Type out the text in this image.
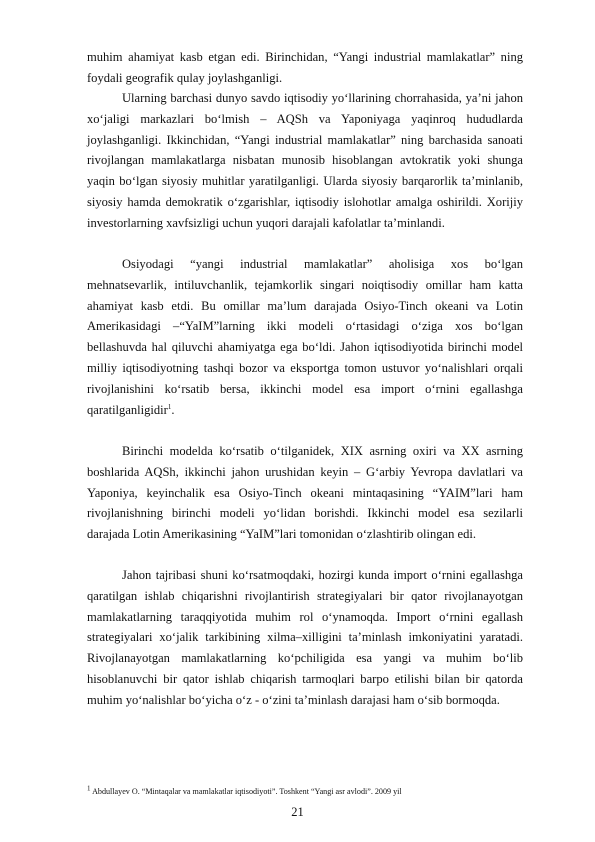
muhim ahamiyat kasb etgan edi. Birinchidan, “Yangi industrial mamlakatlar” ning
foydali geografik qulay joylashganligi.
Ularning barchasi dunyo savdo iqtisodiy yo‘llarining chorrahasida, ya’ni jahon
xo‘jaligi markazlari bo‘lmish – AQSh va Yaponiyaga yaqinroq hududlarda
joylashganligi. Ikkinchidan, “Yangi industrial mamlakatlar” ning barchasida sanoati
rivojlangan mamlakatlarga nisbatan munosib hisoblangan avtokratik yoki shunga
yaqin bo‘lgan siyosiy muhitlar yaratilganligi. Ularda siyosiy barqarorlik ta’minlanib,
siyosiy hamda demokratik o‘zgarishlar, iqtisodiy islohotlar amalga oshirildi. Xorijiy
investorlarning xavfsizligi uchun yuqori darajali kafolatlar ta’minlandi.
Osiyodagi “yangi industrial mamlakatlar” aholisiga xos bo‘lgan
mehnatsevarlik, intiluvchanlik, tejamkorlik singari noiqtisodiy omillar ham katta
ahamiyat kasb etdi. Bu omillar ma’lum darajada Osiyo-Tinch okeani va Lotin
Amerikasidagi –“YaIM”larning ikki modeli o‘rtasidagi o‘ziga xos bo‘lgan
bellashuvda hal qiluvchi ahamiyatga ega bo‘ldi. Jahon iqtisodiyotida birinchi model
milliy iqtisodiyotning tashqi bozor va eksportga tomon ustuvor yo‘nalishlari orqali
rivojlanishini ko‘rsatib bersa, ikkinchi model esa import o‘rnini egallashga
qaratilganligidir$^1$.
Birinchi modelda ko‘rsatib o‘tilganidek, XIX asrning oxiri va XX asrning
boshlarida AQSh, ikkinchi jahon urushidan keyin – G‘arbiy Yevropa davlatlari va
Yaponiya, keyinchalik esa Osiyo-Tinch okeani mintaqasining “YAIM”lari ham
rivojlanishning birinchi modeli yo‘lidan borishdi. Ikkinchi model esa sezilarli
darajada Lotin Amerikasining “YaIM”lari tomonidan o‘zlashtirib olingan edi.
Jahon tajribasi shuni ko‘rsatmoqdaki, hozirgi kunda import o‘rnini egallashga
qaratilgan ishlab chiqarishni rivojlantirish strategiyalari bir qator rivojlanayotgan
mamlakatlarning taraqqiyotida muhim rol o‘ynamoqda. Import o‘rnini egallash
strategiyalari xo‘jalik tarkibining xilma–xilligini ta’minlash imkoniyatini yaratadi.
Rivojlanayotgan mamlakatlarning ko‘pchiligida esa yangi va muhim bo‘lib
hisoblanuvchi bir qator ishlab chiqarish tarmoqlari barpo etilishi bilan bir qatorda
muhim yo‘nalishlar bo‘yicha o‘z - o‘zini ta’minlash darajasi ham o‘sib bormoqda.
$^1$ Abdullayev O. “Mintaqalar va mamlakatlar iqtisodiyoti”. Toshkent “Yangi asr avlodi”. 2009 yil
21
